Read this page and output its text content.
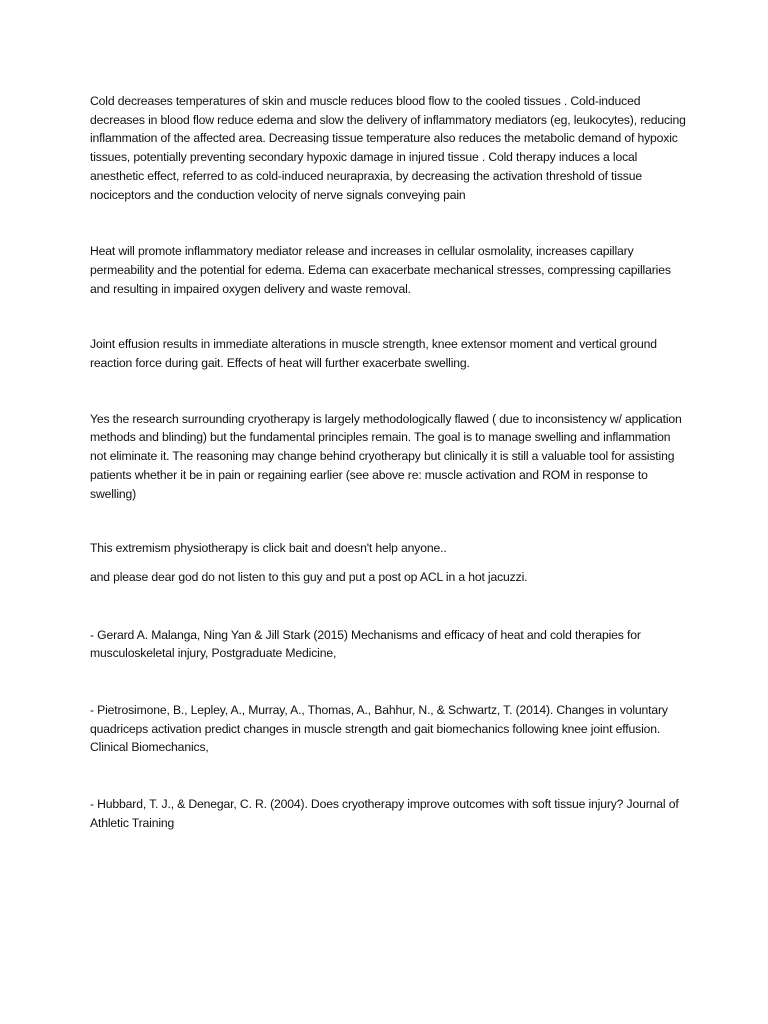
Cold decreases temperatures of skin and muscle reduces blood flow to the cooled tissues . Cold-induced decreases in blood flow reduce edema and slow the delivery of inflammatory mediators (eg, leukocytes), reducing inflammation of the affected area. Decreasing tissue temperature also reduces the metabolic demand of hypoxic tissues, potentially preventing secondary hypoxic damage in injured tissue . Cold therapy induces a local anesthetic effect, referred to as cold-induced neurapraxia, by decreasing the activation threshold of tissue nociceptors and the conduction velocity of nerve signals conveying pain

Heat will promote inflammatory mediator release and increases in cellular osmolality, increases capillary permeability and the potential for edema. Edema can exacerbate mechanical stresses, compressing capillaries and resulting in impaired oxygen delivery and waste removal.

Joint effusion results in immediate alterations in muscle strength, knee extensor moment and vertical ground reaction force during gait. Effects of heat will further exacerbate swelling.

Yes the research surrounding cryotherapy is largely methodologically flawed ( due to inconsistency w/ application methods and blinding) but the fundamental principles remain. The goal is to manage swelling and inflammation not eliminate it. The reasoning may change behind cryotherapy but clinically it is still a valuable tool for assisting patients whether it be in pain or regaining earlier (see above re: muscle activation and ROM in response to swelling)

This extremism physiotherapy is click bait and doesn't help anyone..

and please dear god do not listen to this guy and put a post op ACL in a hot jacuzzi.

- Gerard A. Malanga, Ning Yan & Jill Stark (2015) Mechanisms and efficacy of heat and cold therapies for musculoskeletal injury, Postgraduate Medicine,

- Pietrosimone, B., Lepley, A., Murray, A., Thomas, A., Bahhur, N., & Schwartz, T. (2014). Changes in voluntary quadriceps activation predict changes in muscle strength and gait biomechanics following knee joint effusion. Clinical Biomechanics,

- Hubbard, T. J., & Denegar, C. R. (2004). Does cryotherapy improve outcomes with soft tissue injury? Journal of Athletic Training
